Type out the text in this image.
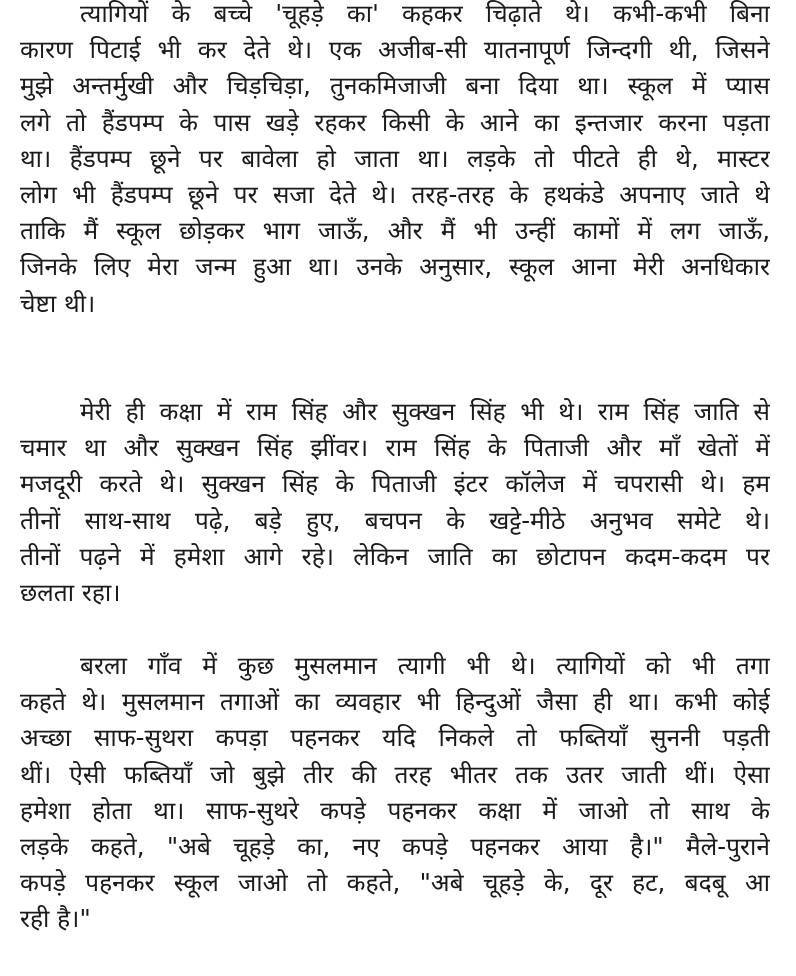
त्यागियों के बच्चे 'चूहड़े का' कहकर चिढ़ाते थे। कभी-कभी बिना
कारण पिटाई भी कर देते थे। एक अजीब-सी यातनापूर्ण जिन्दगी थी, जिसने
मुझे अन्तर्मुखी और चिड़चिड़ा, तुनकमिजाजी बना दिया था। स्कूल में प्यास
लगे तो हैंडपम्प के पास खड़े रहकर किसी के आने का इन्तजार करना पड़ता
था। हैंडपम्प छूने पर बावेला हो जाता था। लड़के तो पीटते ही थे, मास्टर
लोग भी हैंडपम्प छूने पर सजा देते थे। तरह-तरह के हथकंडे अपनाए जाते थे
ताकि मैं स्कूल छोड़कर भाग जाऊँ, और मैं भी उन्हीं कामों में लग जाऊँ,
जिनके लिए मेरा जन्म हुआ था। उनके अनुसार, स्कूल आना मेरी अनधिकार
चेष्टा थी।
मेरी ही कक्षा में राम सिंह और सुक्खन सिंह भी थे। राम सिंह जाति से
चमार था और सुक्खन सिंह झींवर। राम सिंह के पिताजी और माँ खेतों में
मजदूरी करते थे। सुक्खन सिंह के पिताजी इंटर कॉलेज में चपरासी थे। हम
तीनों साथ-साथ पढ़े, बड़े हुए, बचपन के खट्टे-मीठे अनुभव समेटे थे।
तीनों पढ़ने में हमेशा आगे रहे। लेकिन जाति का छोटापन कदम-कदम पर
छलता रहा।
बरला गाँव में कुछ मुसलमान त्यागी भी थे। त्यागियों को भी तगा
कहते थे। मुसलमान तगाओं का व्यवहार भी हिन्दुओं जैसा ही था। कभी कोई
अच्छा साफ-सुथरा कपड़ा पहनकर यदि निकले तो फब्तियाँ सुननी पड़ती
थीं। ऐसी फब्तियाँ जो बुझे तीर की तरह भीतर तक उतर जाती थीं। ऐसा
हमेशा होता था। साफ-सुथरे कपड़े पहनकर कक्षा में जाओ तो साथ के
लड़के कहते, "अबे चूहड़े का, नए कपड़े पहनकर आया है।" मैले-पुराने
कपड़े पहनकर स्कूल जाओ तो कहते, "अबे चूहड़े के, दूर हट, बदबू आ
रही है।"
